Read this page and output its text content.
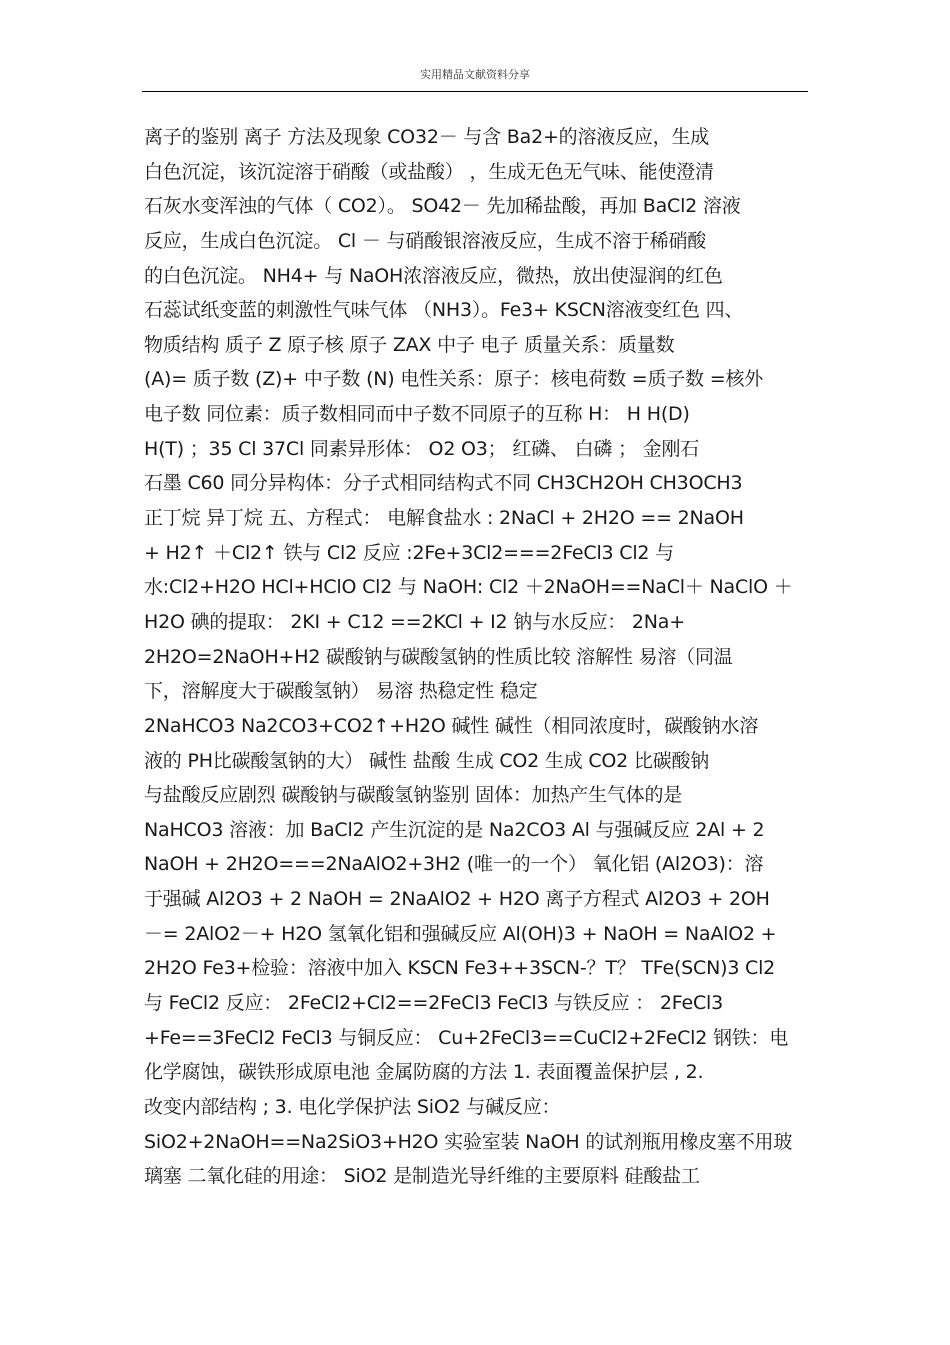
实用精品文献资料分享
离子的鉴别 离子 方法及现象 CO32－ 与含 Ba2+的溶液反应，生成
白色沉淀，该沉淀溶于硝酸（或盐酸） ，生成无色无气味、能使澄清
石灰水变浑浊的气体（ CO2）。 SO42－ 先加稀盐酸，再加 BaCl2 溶液
反应，生成白色沉淀。 Cl － 与硝酸银溶液反应，生成不溶于稀硝酸
的白色沉淀。 NH4+ 与 NaOH浓溶液反应，微热，放出使湿润的红色
石蕊试纸变蓝的刺激性气味气体 （NH3）。Fe3+ KSCN溶液变红色 四、
物质结构 质子 Z 原子核 原子 ZAX 中子 电子 质量关系：质量数
(A)= 质子数 (Z)+ 中子数 (N) 电性关系：原子：核电荷数 =质子数 =核外
电子数 同位素：质子数相同而中子数不同原子的互称 H： H H(D)
H(T) ；35 Cl 37Cl 同素异形体： O2 O3； 红磷、 白磷 ； 金刚石
石墨 C60 同分异构体：分子式相同结构式不同 CH3CH2OH CH3OCH3
正丁烷 异丁烷 五、方程式： 电解食盐水 : 2NaCl + 2H2O == 2NaOH
+ H2↑ ＋Cl2↑ 铁与 Cl2 反应 :2Fe+3Cl2===2FeCl3 Cl2 与
水:Cl2+H2O HCl+HClO Cl2 与 NaOH: Cl2 ＋2NaOH==NaCl＋ NaClO ＋
H2O 碘的提取： 2KI + C12 ==2KCl + I2 钠与水反应： 2Na+
2H2O=2NaOH+H2 碳酸钠与碳酸氢钠的性质比较 溶解性 易溶（同温
下，溶解度大于碳酸氢钠） 易溶 热稳定性 稳定
2NaHCO3 Na2CO3+CO2↑+H2O 碱性 碱性（相同浓度时，碳酸钠水溶
液的 PH比碳酸氢钠的大） 碱性 盐酸 生成 CO2 生成 CO2 比碳酸钠
与盐酸反应剧烈 碳酸钠与碳酸氢钠鉴别 固体：加热产生气体的是
NaHCO3 溶液：加 BaCl2 产生沉淀的是 Na2CO3 Al 与强碱反应 2Al + 2
NaOH + 2H2O===2NaAlO2+3H2 (唯一的一个） 氧化铝 (Al2O3)：溶
于强碱 Al2O3 + 2 NaOH = 2NaAlO2 + H2O 离子方程式 Al2O3 + 2OH
－= 2AlO2－+ H2O 氢氧化铝和强碱反应 Al(OH)3 + NaOH = NaAlO2 +
2H2O Fe3+检验：溶液中加入 KSCN Fe3++3SCN-？T？ TFe(SCN)3 Cl2
与 FeCl2 反应： 2FeCl2+Cl2==2FeCl3 FeCl3 与铁反应 ： 2FeCl3
+Fe==3FeCl2 FeCl3 与铜反应： Cu+2FeCl3==CuCl2+2FeCl2 钢铁：电
化学腐蚀，碳铁形成原电池 金属防腐的方法 1. 表面覆盖保护层 , 2.
改变内部结构 ; 3. 电化学保护法 SiO2 与碱反应：
SiO2+2NaOH==Na2SiO3+H2O 实验室装 NaOH 的试剂瓶用橡皮塞不用玻
璃塞 二氧化硅的用途： SiO2 是制造光导纤维的主要原料 硅酸盐工
